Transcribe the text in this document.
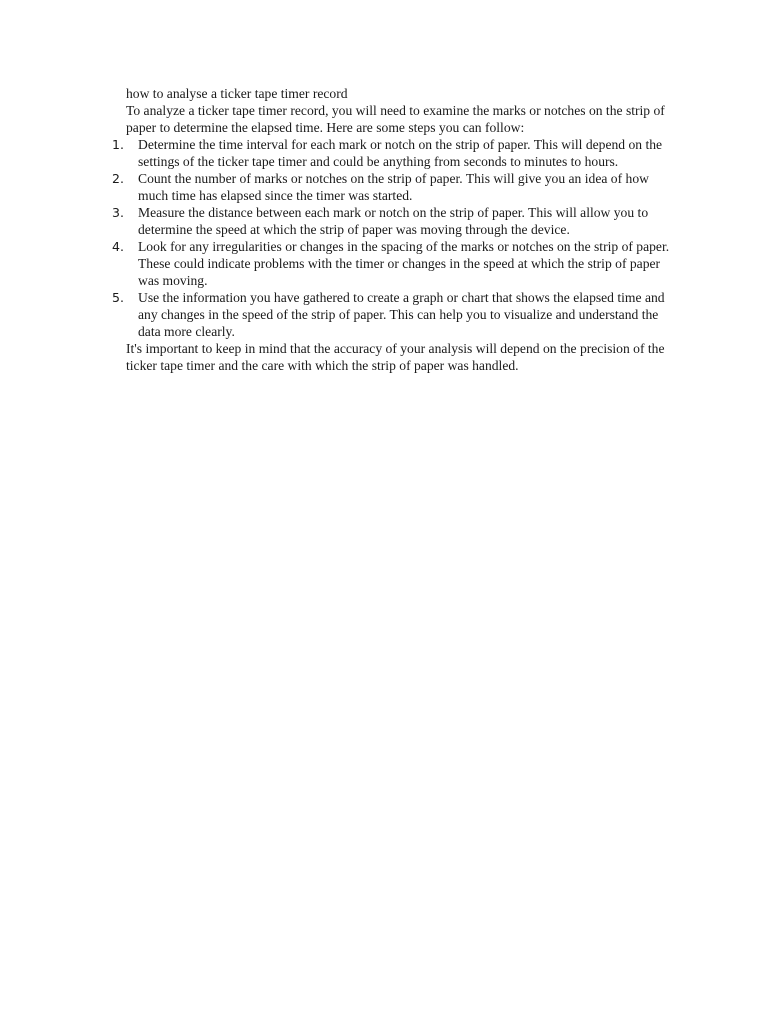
how to analyse a ticker tape timer record

To analyze a ticker tape timer record, you will need to examine the marks or notches on the strip of paper to determine the elapsed time. Here are some steps you can follow:

1.	Determine the time interval for each mark or notch on the strip of paper. This will depend on the settings of the ticker tape timer and could be anything from seconds to minutes to hours.
2.	Count the number of marks or notches on the strip of paper. This will give you an idea of how much time has elapsed since the timer was started.
3.	Measure the distance between each mark or notch on the strip of paper. This will allow you to determine the speed at which the strip of paper was moving through the device.
4.	Look for any irregularities or changes in the spacing of the marks or notches on the strip of paper. These could indicate problems with the timer or changes in the speed at which the strip of paper was moving.
5.	Use the information you have gathered to create a graph or chart that shows the elapsed time and any changes in the speed of the strip of paper. This can help you to visualize and understand the data more clearly.

It's important to keep in mind that the accuracy of your analysis will depend on the precision of the ticker tape timer and the care with which the strip of paper was handled.
